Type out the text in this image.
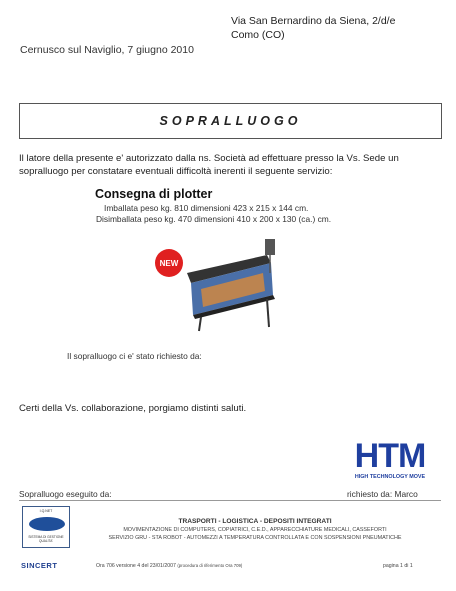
Via San Bernardino da Siena, 2/d/e
Como (CO)
Cernusco sul Naviglio, 7 giugno 2010
SOPRALLUOGO
Il latore della presente e' autorizzato dalla ns. Società ad effettuare presso la Vs. Sede un sopralluogo per constatare eventuali difficoltà inerenti il seguente servizio:
Consegna di plotter
Imballata peso kg. 810 dimensioni 423 x 215 x 144 cm.
Disimballata peso kg. 470 dimensioni 410 x 200 x 130 (ca.) cm.
NEW
Il sopralluogo ci e' stato richiesto da:
Certi della Vs. collaborazione, porgiamo distinti saluti.
HTM
HIGH TECHNOLOGY MOVE
Sopralluogo eseguito da:	richiesto da: Marco
I.Q.NET
SISTEMA DI GESTIONE
QUALITA'
TRASPORTI - LOGISTICA - DEPOSITI INTEGRATI
MOVIMENTAZIONE DI COMPUTERS, COPIATRICI, C.E.D., APPARECCHIATURE MEDICALI, CASSEFORTI
SERVIZIO GRU - STA ROBOT - AUTOMEZZI A TEMPERATURA CONTROLLATA E CON SOSPENSIONI PNEUMATICHE
SINCERT	Ora 706 versione 4 del 23/01/2007 (procedura di riferimento Ora 709)	pagina 1 di 1
